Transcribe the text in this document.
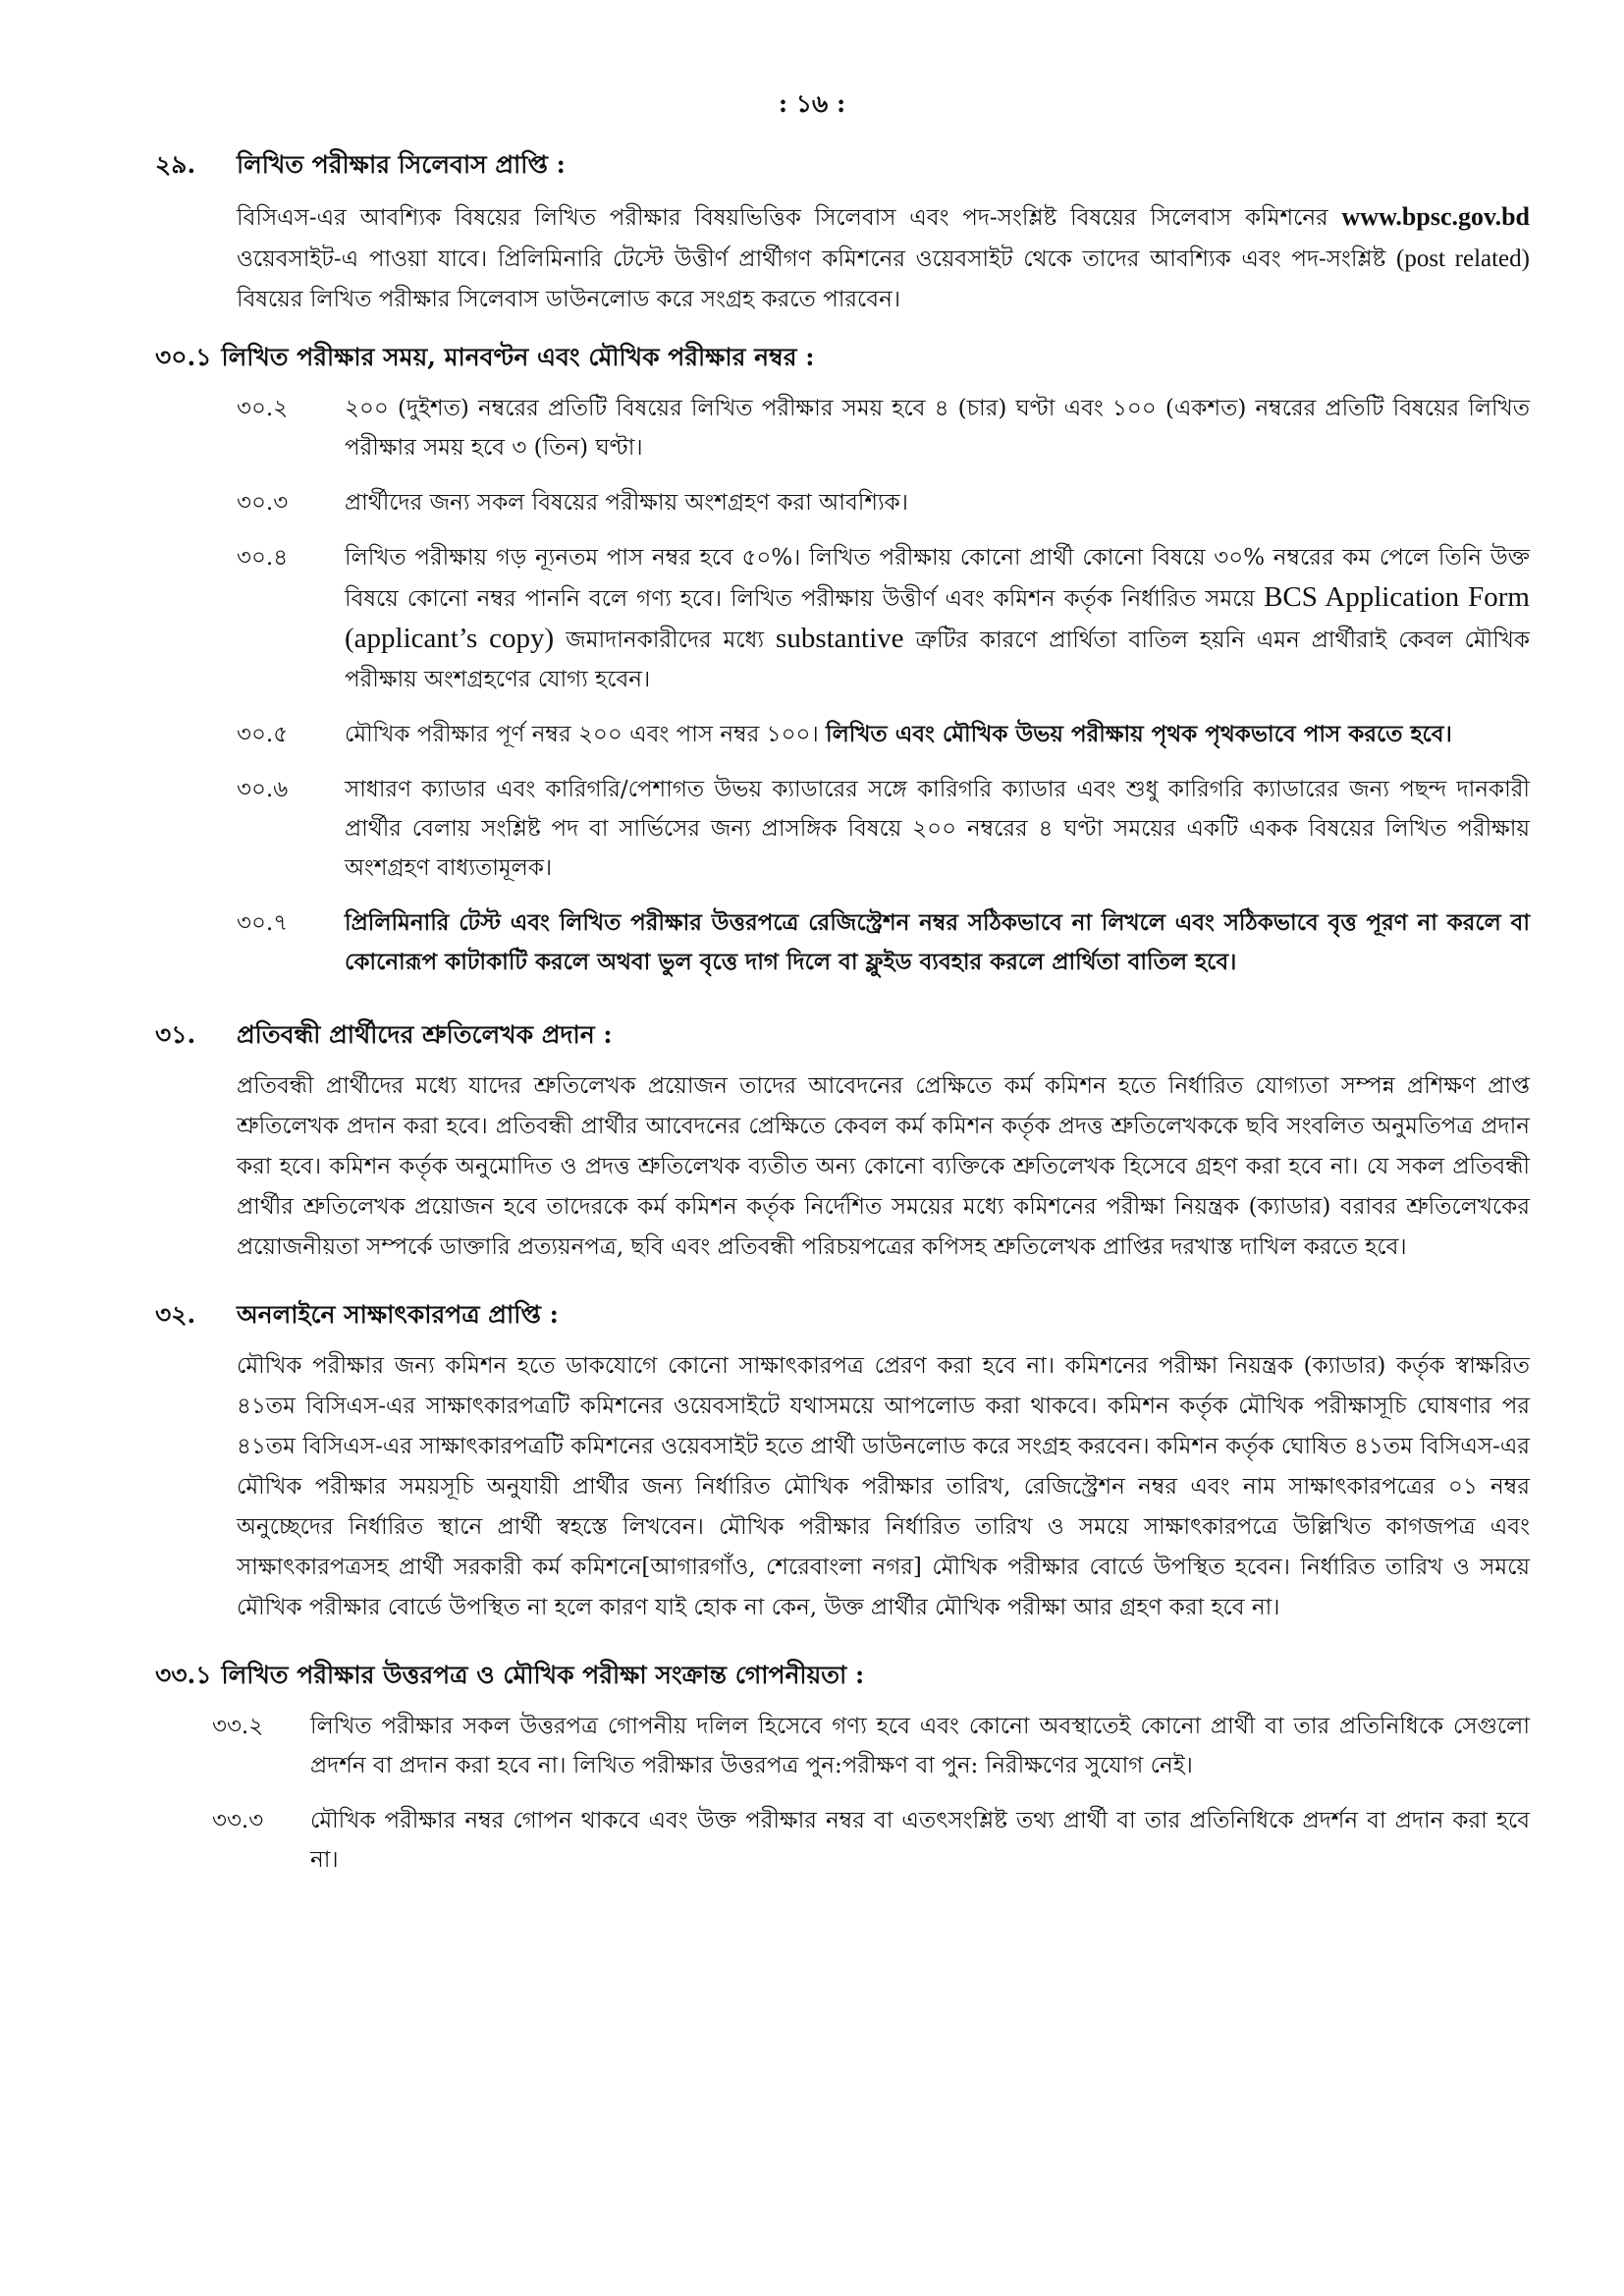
: ১৬ :
২৯.	লিখিত পরীক্ষার সিলেবাস প্রাপ্তি :

বিসিএস-এর আবশ্যিক বিষয়ের লিখিত পরীক্ষার বিষয়ভিত্তিক সিলেবাস এবং পদ-সংশ্লিষ্ট বিষয়ের সিলেবাস কমিশনের www.bpsc.gov.bd ওয়েবসাইট-এ পাওয়া যাবে। প্রিলিমিনারি টেস্টে উত্তীর্ণ প্রার্থীগণ কমিশনের ওয়েবসাইট থেকে তাদের আবশ্যিক এবং পদ-সংশ্লিষ্ট (post related) বিষয়ের লিখিত পরীক্ষার সিলেবাস ডাউনলোড করে সংগ্রহ করতে পারবেন।

৩০.১ লিখিত পরীক্ষার সময়, মানবণ্টন এবং মৌখিক পরীক্ষার নম্বর :
৩০.২	২০০ (দুইশত) নম্বরের প্রতিটি বিষয়ের লিখিত পরীক্ষার সময় হবে ৪ (চার) ঘণ্টা এবং ১০০ (একশত) নম্বরের প্রতিটি বিষয়ের লিখিত পরীক্ষার সময় হবে ৩ (তিন) ঘণ্টা।
৩০.৩	প্রার্থীদের জন্য সকল বিষয়ের পরীক্ষায় অংশগ্রহণ করা আবশ্যিক।
৩০.৪	লিখিত পরীক্ষায় গড় ন্যূনতম পাস নম্বর হবে ৫০%। লিখিত পরীক্ষায় কোনো প্রার্থী কোনো বিষয়ে ৩০% নম্বরের কম পেলে তিনি উক্ত বিষয়ে কোনো নম্বর পাননি বলে গণ্য হবে। লিখিত পরীক্ষায় উত্তীর্ণ এবং কমিশন কর্তৃক নির্ধারিত সময়ে BCS Application Form (applicant’s copy) জমাদানকারীদের মধ্যে substantive ত্রুটির কারণে প্রার্থিতা বাতিল হয়নি এমন প্রার্থীরাই কেবল মৌখিক পরীক্ষায় অংশগ্রহণের যোগ্য হবেন।
৩০.৫	মৌখিক পরীক্ষার পূর্ণ নম্বর ২০০ এবং পাস নম্বর ১০০। লিখিত এবং মৌখিক উভয় পরীক্ষায় পৃথক পৃথকভাবে পাস করতে হবে।
৩০.৬	সাধারণ ক্যাডার এবং কারিগরি/পেশাগত উভয় ক্যাডারের সঙ্গে কারিগরি ক্যাডার এবং শুধু কারিগরি ক্যাডারের জন্য পছন্দ দানকারী প্রার্থীর বেলায় সংশ্লিষ্ট পদ বা সার্ভিসের জন্য প্রাসঙ্গিক বিষয়ে ২০০ নম্বরের ৪ ঘণ্টা সময়ের একটি একক বিষয়ের লিখিত পরীক্ষায় অংশগ্রহণ বাধ্যতামূলক।
৩০.৭	প্রিলিমিনারি টেস্ট এবং লিখিত পরীক্ষার উত্তরপত্রে রেজিস্ট্রেশন নম্বর সঠিকভাবে না লিখলে এবং সঠিকভাবে বৃত্ত পূরণ না করলে বা কোনোরূপ কাটাকাটি করলে অথবা ভুল বৃত্তে দাগ দিলে বা ফ্লুইড ব্যবহার করলে প্রার্থিতা বাতিল হবে।
৩১.	প্রতিবন্ধী প্রার্থীদের শ্রুতিলেখক প্রদান :

প্রতিবন্ধী প্রার্থীদের মধ্যে যাদের শ্রুতিলেখক প্রয়োজন তাদের আবেদনের প্রেক্ষিতে কর্ম কমিশন হতে নির্ধারিত যোগ্যতা সম্পন্ন প্রশিক্ষণ প্রাপ্ত শ্রুতিলেখক প্রদান করা হবে। প্রতিবন্ধী প্রার্থীর আবেদনের প্রেক্ষিতে কেবল কর্ম কমিশন কর্তৃক প্রদত্ত শ্রুতিলেখককে ছবি সংবলিত অনুমতিপত্র প্রদান করা হবে। কমিশন কর্তৃক অনুমোদিত ও প্রদত্ত শ্রুতিলেখক ব্যতীত অন্য কোনো ব্যক্তিকে শ্রুতিলেখক হিসেবে গ্রহণ করা হবে না। যে সকল প্রতিবন্ধী প্রার্থীর শ্রুতিলেখক প্রয়োজন হবে তাদেরকে কর্ম কমিশন কর্তৃক নির্দেশিত সময়ের মধ্যে কমিশনের পরীক্ষা নিয়ন্ত্রক (ক্যাডার) বরাবর শ্রুতিলেখকের প্রয়োজনীয়তা সম্পর্কে ডাক্তারি প্রত্যয়নপত্র, ছবি এবং প্রতিবন্ধী পরিচয়পত্রের কপিসহ শ্রুতিলেখক প্রাপ্তির দরখাস্ত দাখিল করতে হবে।

৩২.	অনলাইনে সাক্ষাৎকারপত্র প্রাপ্তি :

মৌখিক পরীক্ষার জন্য কমিশন হতে ডাকযোগে কোনো সাক্ষাৎকারপত্র প্রেরণ করা হবে না। কমিশনের পরীক্ষা নিয়ন্ত্রক (ক্যাডার) কর্তৃক স্বাক্ষরিত ৪১তম বিসিএস-এর সাক্ষাৎকারপত্রটি কমিশনের ওয়েবসাইটে যথাসময়ে আপলোড করা থাকবে। কমিশন কর্তৃক মৌখিক পরীক্ষাসূচি ঘোষণার পর ৪১তম বিসিএস-এর সাক্ষাৎকারপত্রটি কমিশনের ওয়েবসাইট হতে প্রার্থী ডাউনলোড করে সংগ্রহ করবেন। কমিশন কর্তৃক ঘোষিত ৪১তম বিসিএস-এর মৌখিক পরীক্ষার সময়সূচি অনুযায়ী প্রার্থীর জন্য নির্ধারিত মৌখিক পরীক্ষার তারিখ, রেজিস্ট্রেশন নম্বর এবং নাম সাক্ষাৎকারপত্রের ০১ নম্বর অনুচ্ছেদের নির্ধারিত স্থানে প্রার্থী স্বহস্তে লিখবেন। মৌখিক পরীক্ষার নির্ধারিত তারিখ ও সময়ে সাক্ষাৎকারপত্রে উল্লিখিত কাগজপত্র এবং সাক্ষাৎকারপত্রসহ প্রার্থী সরকারী কর্ম কমিশনে[আগারগাঁও, শেরেবাংলা নগর] মৌখিক পরীক্ষার বোর্ডে উপস্থিত হবেন। নির্ধারিত তারিখ ও সময়ে মৌখিক পরীক্ষার বোর্ডে উপস্থিত না হলে কারণ যাই হোক না কেন, উক্ত প্রার্থীর মৌখিক পরীক্ষা আর গ্রহণ করা হবে না।

৩৩.১ লিখিত পরীক্ষার উত্তরপত্র ও মৌখিক পরীক্ষা সংক্রান্ত গোপনীয়তা :
৩৩.২	লিখিত পরীক্ষার সকল উত্তরপত্র গোপনীয় দলিল হিসেবে গণ্য হবে এবং কোনো অবস্থাতেই কোনো প্রার্থী বা তার প্রতিনিধিকে সেগুলো প্রদর্শন বা প্রদান করা হবে না। লিখিত পরীক্ষার উত্তরপত্র পুন:পরীক্ষণ বা পুন: নিরীক্ষণের সুযোগ নেই।
৩৩.৩	মৌখিক পরীক্ষার নম্বর গোপন থাকবে এবং উক্ত পরীক্ষার নম্বর বা এতৎসংশ্লিষ্ট তথ্য প্রার্থী বা তার প্রতিনিধিকে প্রদর্শন বা প্রদান করা হবে না।
